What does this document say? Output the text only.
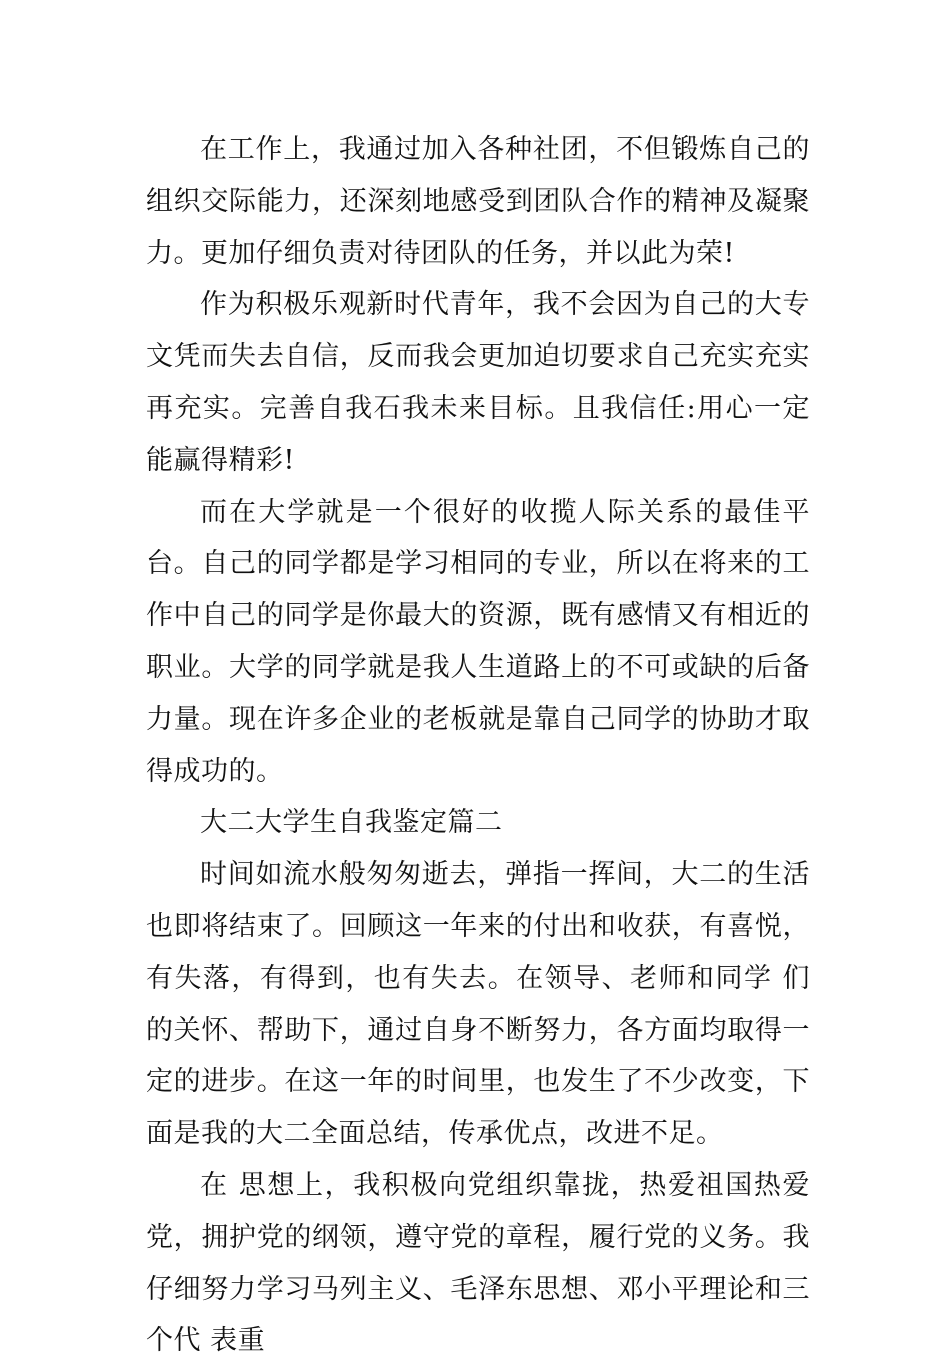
在工作上，我通过加入各种社团，不但锻炼自己的组织交际能力，还深刻地感受到团队合作的精神及凝聚力。更加仔细负责对待团队的任务，并以此为荣!

作为积极乐观新时代青年，我不会因为自己的大专文凭而失去自信，反而我会更加迫切要求自己充实充实再充实。完善自我石我未来目标。且我信任:用心一定能赢得精彩!

而在大学就是一个很好的收揽人际关系的最佳平台。自己的同学都是学习相同的专业，所以在将来的工作中自己的同学是你最大的资源，既有感情又有相近的职业。大学的同学就是我人生道路上的不可或缺的后备力量。现在许多企业的老板就是靠自己同学的协助才取得成功的。

大二大学生自我鉴定篇二

时间如流水般匆匆逝去，弹指一挥间，大二的生活也即将结束了。回顾这一年来的付出和收获，有喜悦，有失落，有得到，也有失去。在领导、老师和同学 们的关怀、帮助下，通过自身不断努力，各方面均取得一定的进步。在这一年的时间里，也发生了不少改变，下面是我的大二全面总结，传承优点，改进不足。

在 思想上，我积极向党组织靠拢，热爱祖国热爱党，拥护党的纲领，遵守党的章程，履行党的义务。我仔细努力学习马列主义、毛泽东思想、邓小平理论和三个代 表重
